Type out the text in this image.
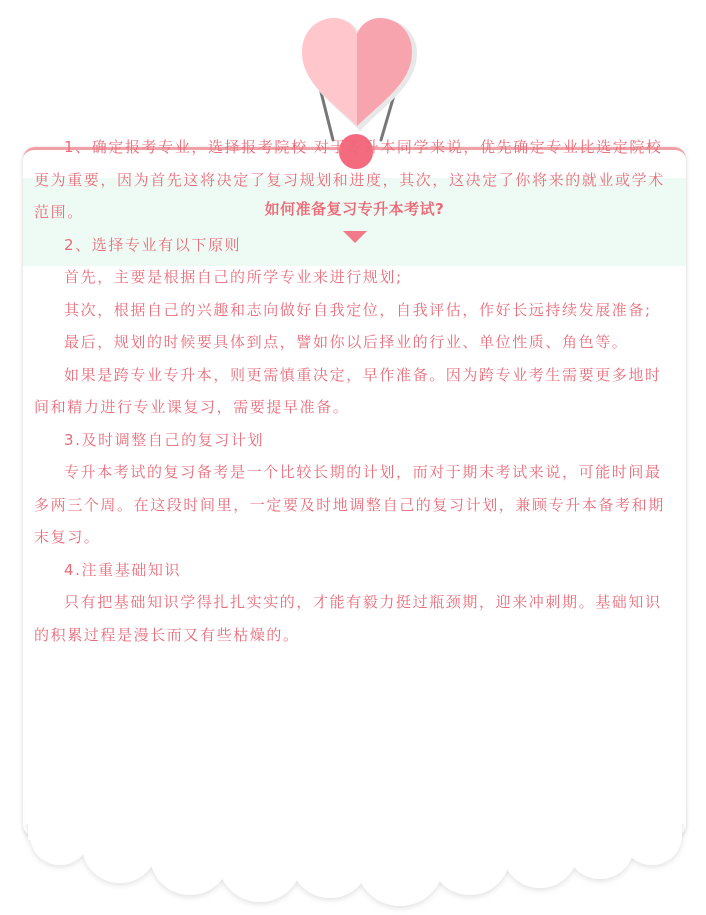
如何准备复习专升本考试?

1、确定报考专业，选择报考院校 对于专升本同学来说，优先确定专业比选定院校更为重要，因为首先这将决定了复习规划和进度，其次，这决定了你将来的就业或学术范围。

2、选择专业有以下原则

首先，主要是根据自己的所学专业来进行规划;

其次，根据自己的兴趣和志向做好自我定位，自我评估，作好长远持续发展准备;

最后，规划的时候要具体到点，譬如你以后择业的行业、单位性质、角色等。

如果是跨专业专升本，则更需慎重决定，早作准备。因为跨专业考生需要更多地时间和精力进行专业课复习，需要提早准备。

3.及时调整自己的复习计划

专升本考试的复习备考是一个比较长期的计划，而对于期末考试来说，可能时间最多两三个周。在这段时间里，一定要及时地调整自己的复习计划，兼顾专升本备考和期末复习。

4.注重基础知识

只有把基础知识学得扎扎实实的，才能有毅力挺过瓶颈期，迎来冲刺期。基础知识的积累过程是漫长而又有些枯燥的。
